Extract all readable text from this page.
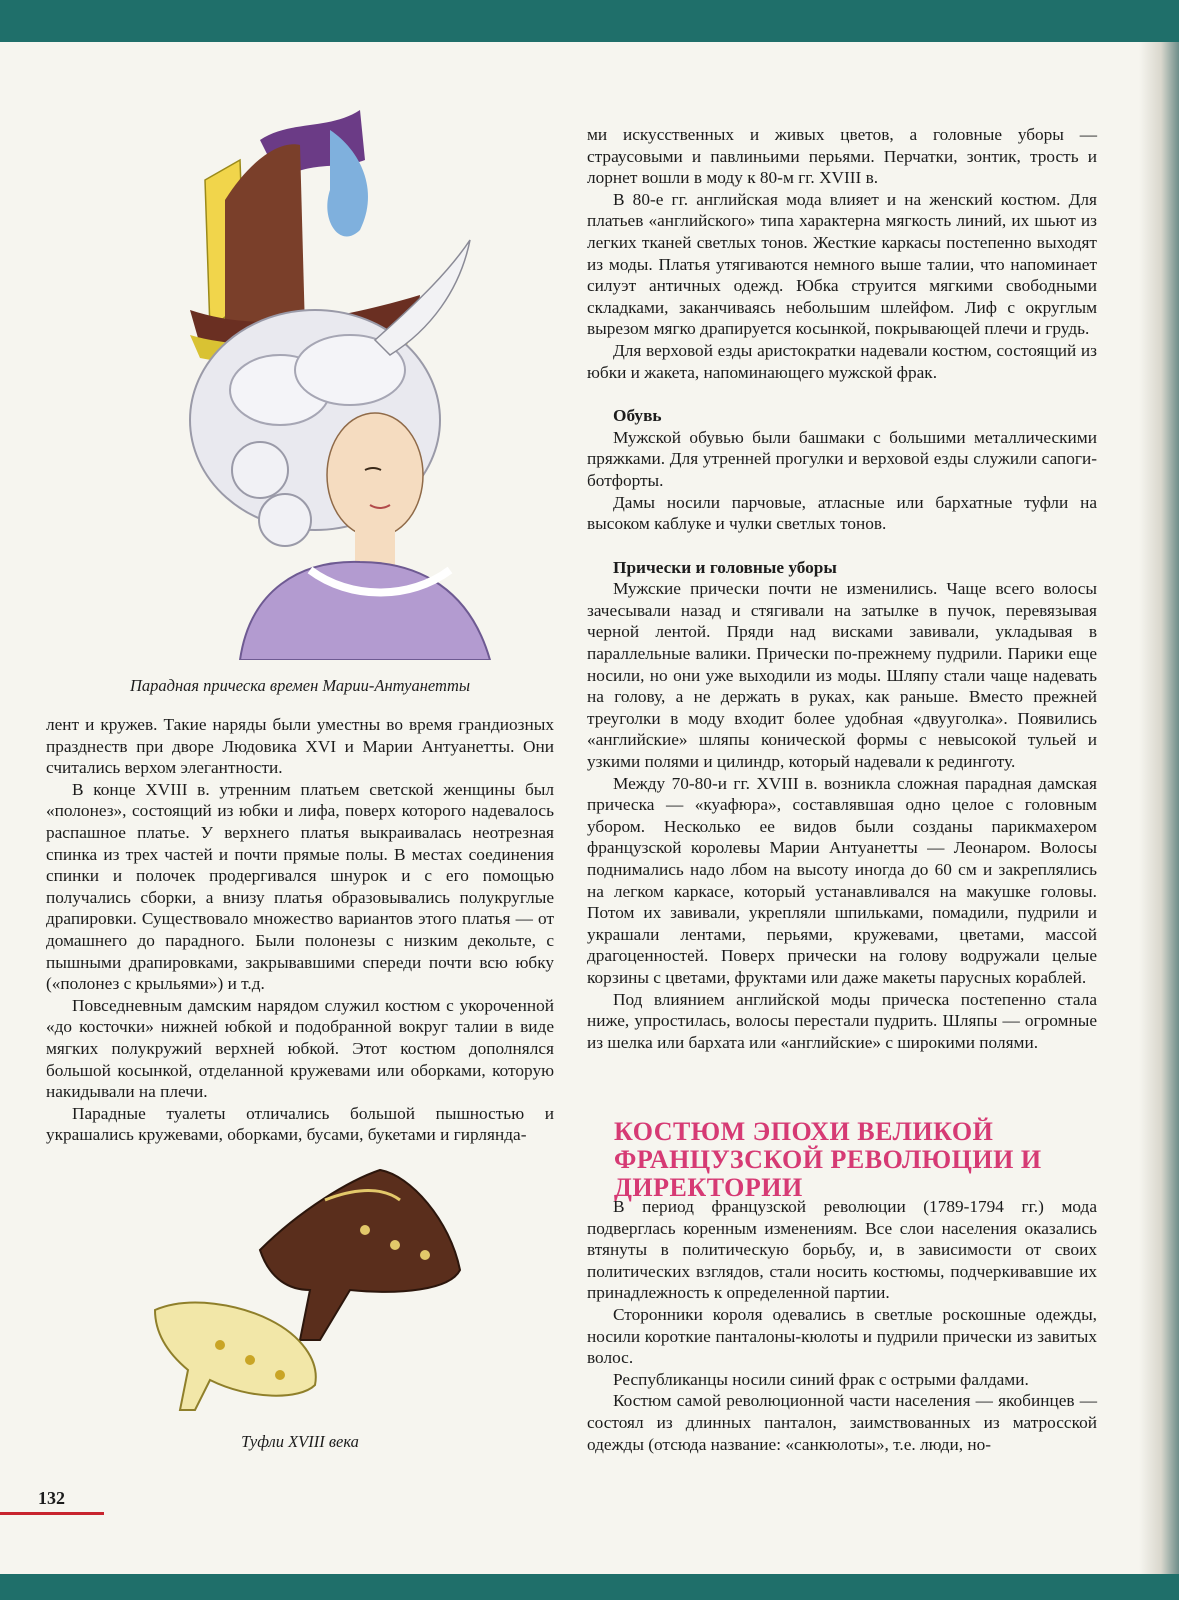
Парадная прическа времен Марии-Антуанетты
Туфли XVIII века

лент и кружев. Такие наряды были уместны во время грандиозных празднеств при дворе Людовика XVI и Марии Антуанетты. Они считались верхом элегантности.

В конце XVIII в. утренним платьем светской женщины был «полонез», состоящий из юбки и лифа, поверх которого надевалось распашное платье. У верхнего платья выкраивалась неотрезная спинка из трех частей и почти прямые полы. В местах соединения спинки и полочек продергивался шнурок и с его помощью получались сборки, а внизу платья образовывались полукруглые драпировки. Существовало множество вариантов этого платья — от домашнего до парадного. Были полонезы с низким декольте, с пышными драпировками, закрывавшими спереди почти всю юбку («полонез с крыльями») и т.д.

Повседневным дамским нарядом служил костюм с укороченной «до косточки» нижней юбкой и подобранной вокруг талии в виде мягких полукружий верхней юбкой. Этот костюм дополнялся большой косынкой, отделанной кружевами или оборками, которую накидывали на плечи.

Парадные туалеты отличались большой пышностью и украшались кружевами, оборками, бусами, букетами и гирлянда-

ми искусственных и живых цветов, а головные уборы — страусовыми и павлиньими перьями. Перчатки, зонтик, трость и лорнет вошли в моду к 80-м гг. XVIII в.

В 80-е гг. английская мода влияет и на женский костюм. Для платьев «английского» типа характерна мягкость линий, их шьют из легких тканей светлых тонов. Жесткие каркасы постепенно выходят из моды. Платья утягиваются немного выше талии, что напоминает силуэт античных одежд. Юбка струится мягкими свободными складками, заканчиваясь небольшим шлейфом. Лиф с округлым вырезом мягко драпируется косынкой, покрывающей плечи и грудь.

Для верховой езды аристократки надевали костюм, состоящий из юбки и жакета, напоминающего мужской фрак.

Обувь

Мужской обувью были башмаки с большими металлическими пряжками. Для утренней прогулки и верховой езды служили сапоги-ботфорты.

Дамы носили парчовые, атласные или бархатные туфли на высоком каблуке и чулки светлых тонов.

Прически и головные уборы

Мужские прически почти не изменились. Чаще всего волосы зачесывали назад и стягивали на затылке в пучок, перевязывая черной лентой. Пряди над висками завивали, укладывая в параллельные валики. Прически по-прежнему пудрили. Парики еще носили, но они уже выходили из моды. Шляпу стали чаще надевать на голову, а не держать в руках, как раньше. Вместо прежней треуголки в моду входит более удобная «двууголка». Появились «английские» шляпы конической формы с невысокой тульей и узкими полями и цилиндр, который надевали к рединготу.

Между 70-80-и гг. XVIII в. возникла сложная парадная дамская прическа — «куафюра», составлявшая одно целое с головным убором. Несколько ее видов были созданы парикмахером французской королевы Марии Антуанетты — Леонаром. Волосы поднимались надо лбом на высоту иногда до 60 см и закреплялись на легком каркасе, который устанавливался на макушке головы. Потом их завивали, укрепляли шпильками, помадили, пудрили и украшали лентами, перьями, кружевами, цветами, массой драгоценностей. Поверх прически на голову водружали целые корзины с цветами, фруктами или даже макеты парусных кораблей.

Под влиянием английской моды прическа постепенно стала ниже, упростилась, волосы перестали пудрить. Шляпы — огромные из шелка или бархата или «английские» с широкими полями.

КОСТЮМ ЭПОХИ ВЕЛИКОЙ ФРАНЦУЗСКОЙ РЕВОЛЮЦИИ И ДИРЕКТОРИИ

В период французской революции (1789-1794 гг.) мода подверглась коренным изменениям. Все слои населения оказались втянуты в политическую борьбу, и, в зависимости от своих политических взглядов, стали носить костюмы, подчеркивавшие их принадлежность к определенной партии.

Сторонники короля одевались в светлые роскошные одежды, носили короткие панталоны-кюлоты и пудрили прически из завитых волос.

Республиканцы носили синий фрак с острыми фалдами.

Костюм самой революционной части населения — якобинцев — состоял из длинных панталон, заимствованных из матросской одежды (отсюда название: «санкюлоты», т.е. люди, но-

132
